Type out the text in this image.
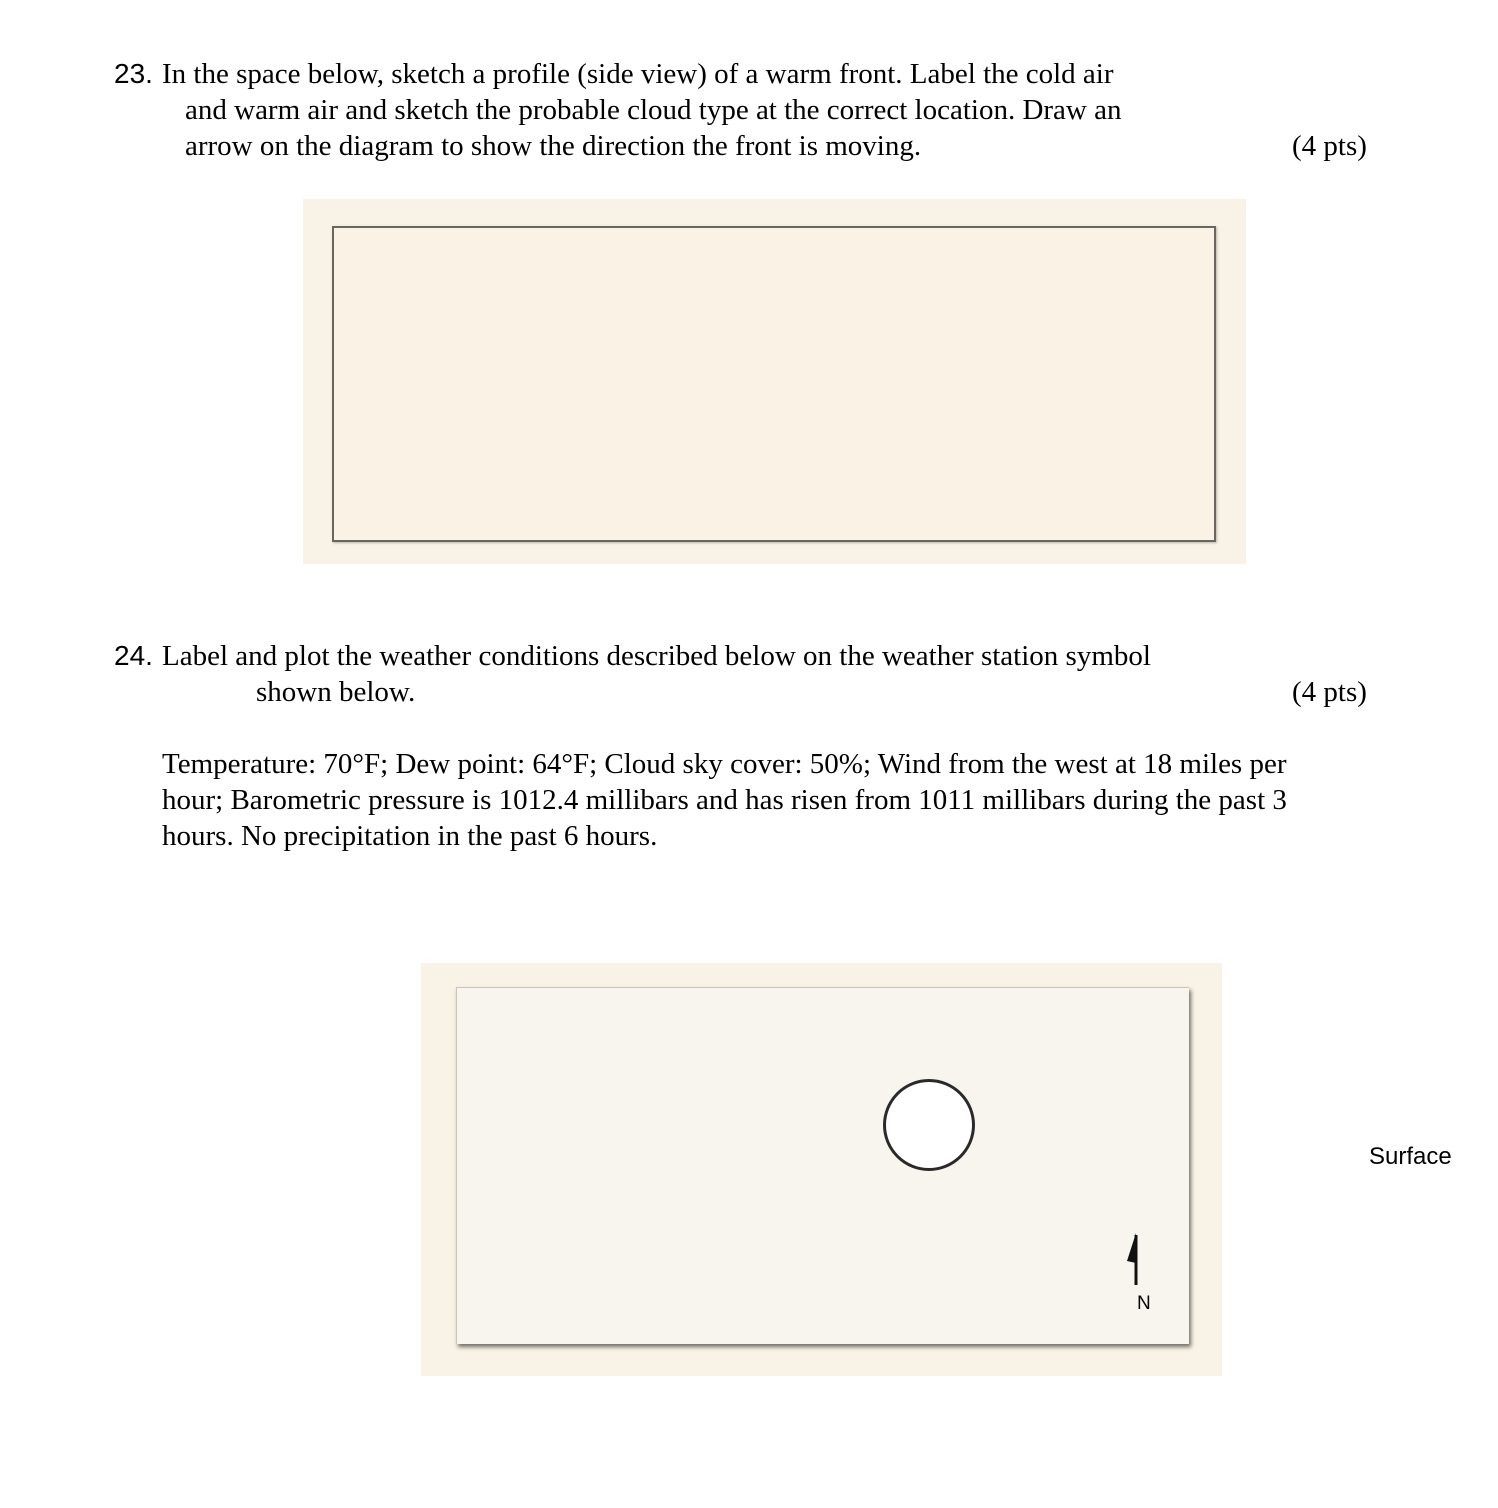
23. In the space below, sketch a profile (side view) of a warm front. Label the cold air
and warm air and sketch the probable cloud type at the correct location. Draw an
arrow on the diagram to show the direction the front is moving.	(4 pts)
24. Label and plot the weather conditions described below on the weather station symbol
shown below.	(4 pts)
Temperature: 70°F; Dew point: 64°F; Cloud sky cover: 50%; Wind from the west at 18 miles per
hour; Barometric pressure is 1012.4 millibars and has risen from 1011 millibars during the past 3
hours. No precipitation in the past 6 hours.
N
Surface
